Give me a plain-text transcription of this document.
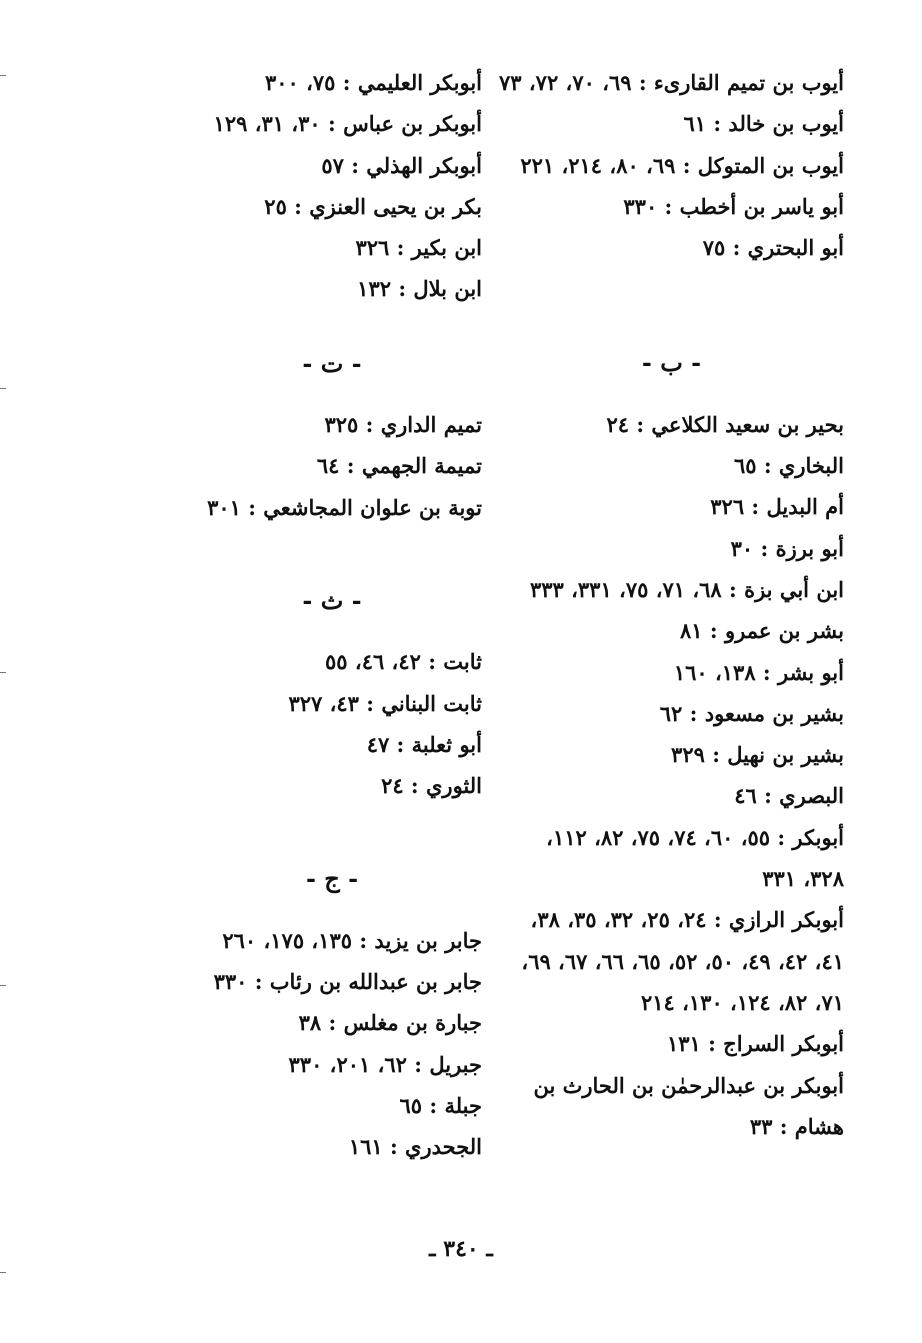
أيوب بن تميم القارىء : ٦٩، ٧٠، ٧٢، ٧٣

أيوب بن خالد : ٦١

أيوب بن المتوكل : ٦٩، ٨٠، ٢١٤، ٢٢١

أبو ياسر بن أخطب : ٣٣٠

أبو البحتري : ٧٥

- ب -

بحير بن سعيد الكلاعي : ٢٤

البخاري : ٦٥

أم البديل : ٣٢٦

أبو برزة : ٣٠

ابن أبي بزة : ٦٨، ٧١، ٧٥، ٣٣١، ٣٣٣

بشر بن عمرو : ٨١

أبو بشر : ١٣٨، ١٦٠

بشير بن مسعود : ٦٢

بشير بن نهيل : ٣٢٩

البصري : ٤٦

أبوبكر : ٥٥، ٦٠، ٧٤، ٧٥، ٨٢، ١١٢، ٣٢٨، ٣٣١

أبوبكر الرازي : ٢٤، ٢٥، ٣٢، ٣٥، ٣٨، ٤١، ٤٢، ٤٩، ٥٠، ٥٢، ٦٥، ٦٦، ٦٧، ٦٩، ٧١، ٨٢، ١٢٤، ١٣٠، ٢١٤

أبوبكر السراج : ١٣١

أبوبكر بن عبدالرحمٰن بن الحارث بن هشام : ٣٣

أبوبكر العليمي : ٧٥، ٣٠٠

أبوبكر بن عباس : ٣٠، ٣١، ١٢٩

أبوبكر الهذلي : ٥٧

بكر بن يحيى العنزي : ٢٥

ابن بكير : ٣٢٦

ابن بلال : ١٣٢

- ت -

تميم الداري : ٣٢٥

تميمة الجهمي : ٦٤

توبة بن علوان المجاشعي : ٣٠١

- ث -

ثابت : ٤٢، ٤٦، ٥٥

ثابت البناني : ٤٣، ٣٢٧

أبو ثعلبة : ٤٧

الثوري : ٢٤

- ج -

جابر بن يزيد : ١٣٥، ١٧٥، ٢٦٠

جابر بن عبدالله بن رئاب : ٣٣٠

جبارة بن مغلس : ٣٨

جبريل : ٦٢، ٢٠١، ٣٣٠

جبلة : ٦٥

الجحدري : ١٦١

ـ ٣٤٠ ـ
